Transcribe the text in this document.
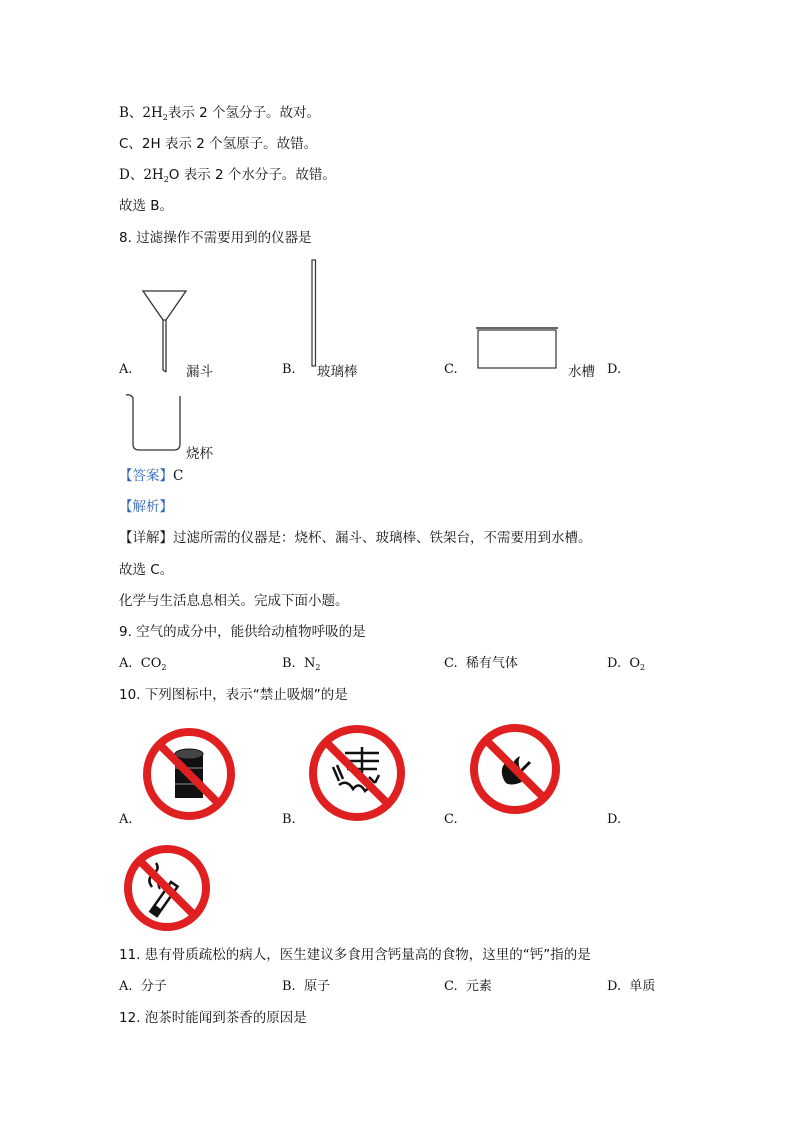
B、$2H_2$表示 2 个氢分子。故对。
C、2H 表示 2 个氢原子。故错。
D、$2H_2O$ 表示 2 个水分子。故错。
故选 B。
8. 过滤操作不需要用到的仪器是
A.	漏斗	B. 玻璃棒	C.	水槽 D.
烧杯
【答案】C
【解析】
【详解】过滤所需的仪器是：烧杯、漏斗、玻璃棒、铁架台，不需要用到水槽。
故选 C。
化学与生活息息相关。完成下面小题。
9. 空气的成分中，能供给动植物呼吸的是
A. $CO_2$	B. $N_2$	C. 稀有气体	D. $O_2$
10. 下列图标中，表示“禁止吸烟”的是
A.	B.	C.	D.
11. 患有骨质疏松的病人，医生建议多食用含钙量高的食物，这里的“钙”指的是
A. 分子	B. 原子	C. 元素	D. 单质
12. 泡茶时能闻到茶香的原因是
